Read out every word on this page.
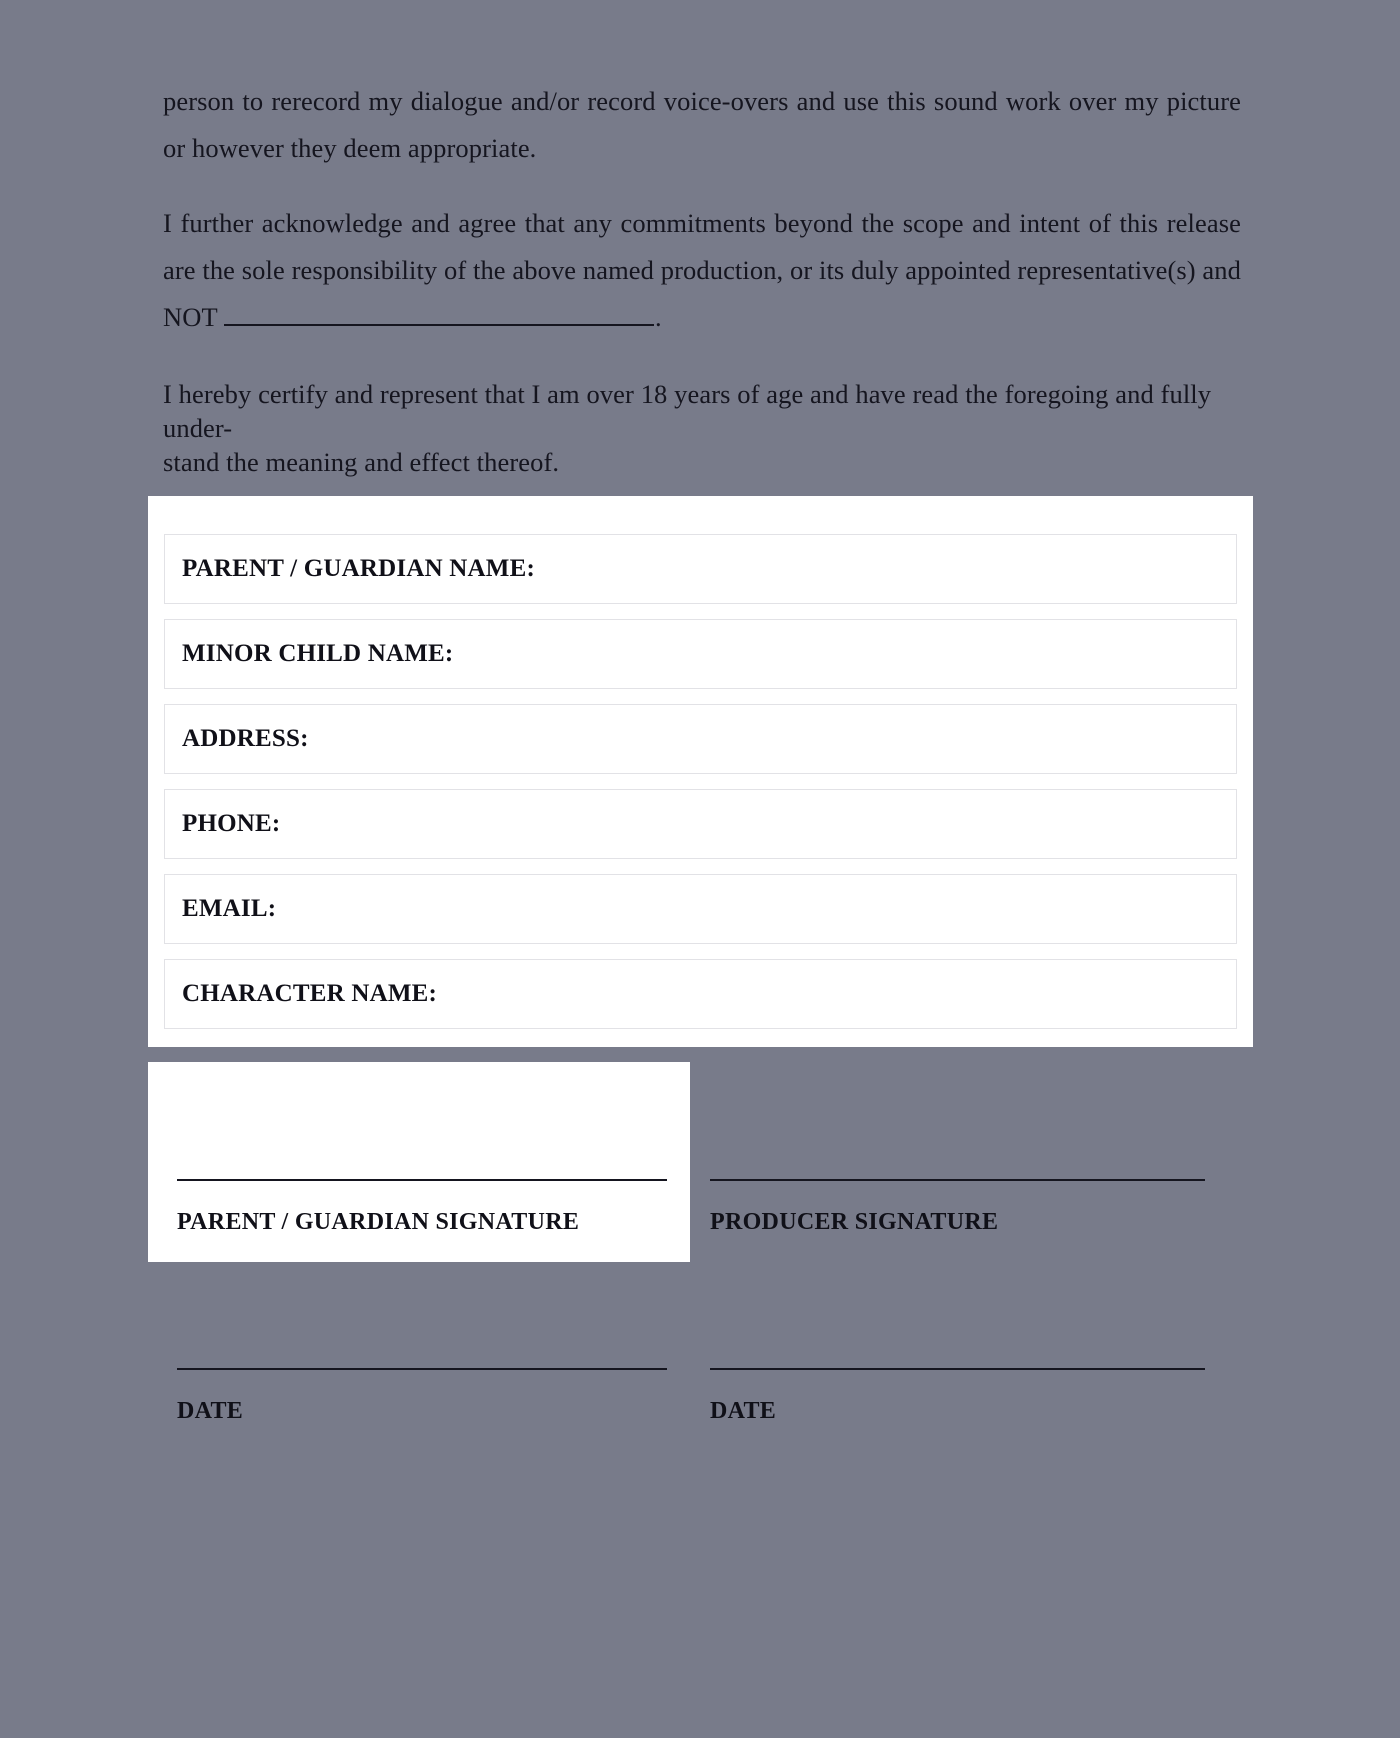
person to rerecord my dialogue and/or record voice-overs and use this sound work over my picture or however they deem appropriate.

I further acknowledge and agree that any commitments beyond the scope and intent of this release are the sole responsibility of the above named production, or its duly appointed representative(s) and NOT	.

I hereby certify and represent that I am over 18 years of age and have read the foregoing and fully under-
stand the meaning and effect thereof.

PARENT / GUARDIAN NAME:
MINOR CHILD NAME:
ADDRESS:
PHONE:
EMAIL:
CHARACTER NAME:
PARENT / GUARDIAN SIGNATURE	PRODUCER SIGNATURE
DATE	DATE
